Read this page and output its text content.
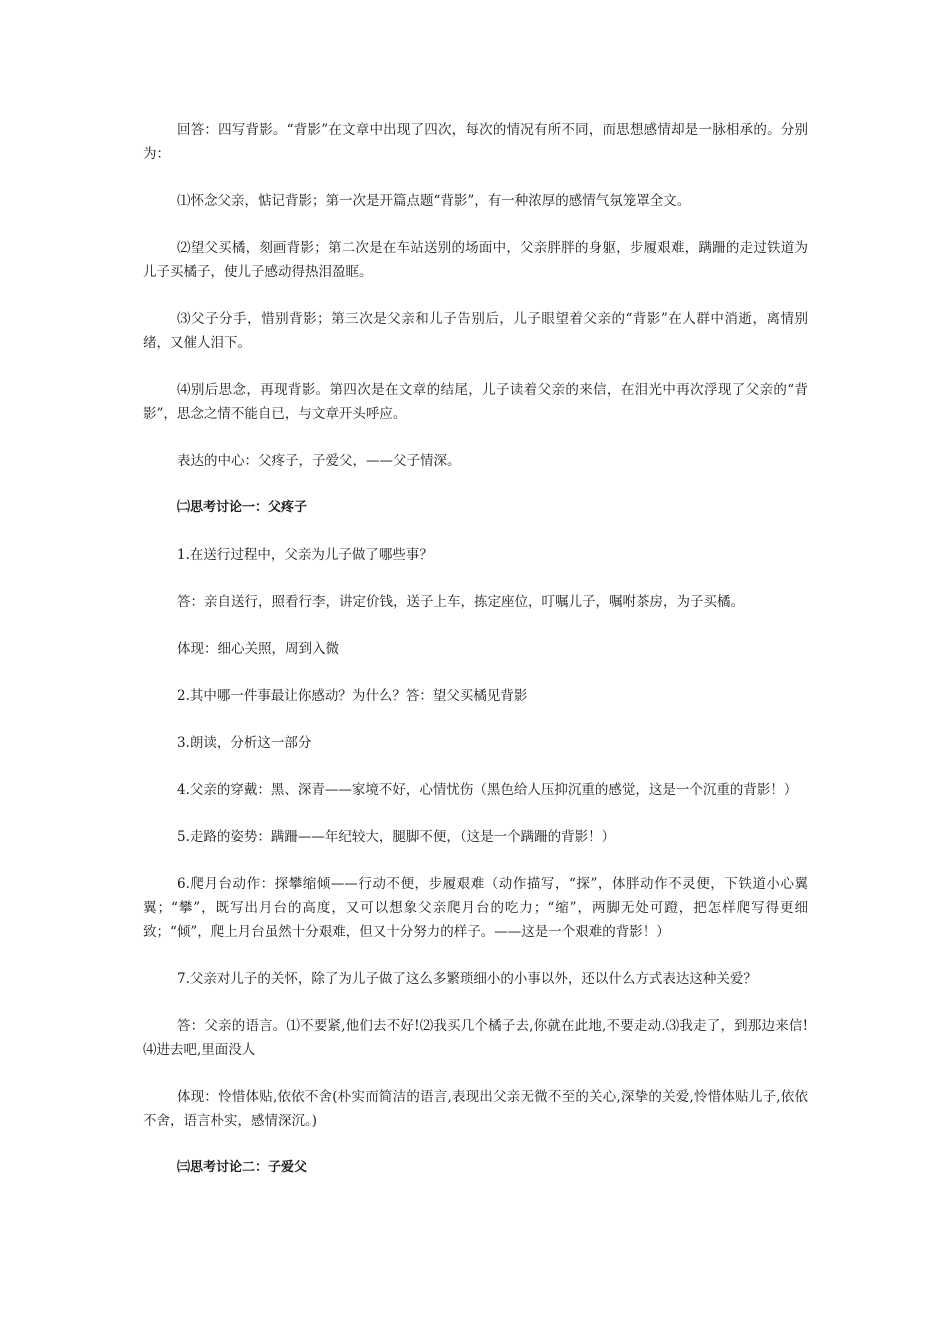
回答：四写背影。“背影”在文章中出现了四次，每次的情况有所不同，而思想感情却是一脉相承的。分别为：

⑴怀念父亲，惦记背影；第一次是开篇点题“背影”，有一种浓厚的感情气氛笼罩全文。

⑵望父买橘，刻画背影；第二次是在车站送别的场面中，父亲胖胖的身躯，步履艰难，蹒跚的走过铁道为儿子买橘子，使儿子感动得热泪盈眶。

⑶父子分手，惜别背影；第三次是父亲和儿子告别后，儿子眼望着父亲的“背影”在人群中消逝，离情别绪，又催人泪下。

⑷别后思念，再现背影。第四次是在文章的结尾，儿子读着父亲的来信，在泪光中再次浮现了父亲的“背影”，思念之情不能自已，与文章开头呼应。

表达的中心：父疼子，子爱父，——父子情深。

㈡思考讨论一：父疼子

1.在送行过程中，父亲为儿子做了哪些事？

答：亲自送行，照看行李，讲定价钱，送子上车，拣定座位，叮嘱儿子，嘱咐茶房，为子买橘。

体现：细心关照，周到入微

2.其中哪一件事最让你感动？为什么？答：望父买橘见背影

3.朗读，分析这一部分

4.父亲的穿戴：黑、深青——家境不好，心情忧伤（黑色给人压抑沉重的感觉，这是一个沉重的背影！）

5.走路的姿势：蹒跚——年纪较大，腿脚不便，（这是一个蹒跚的背影！）

6.爬月台动作：探攀缩倾——行动不便，步履艰难（动作描写，“探”，体胖动作不灵便，下铁道小心翼翼；“攀”，既写出月台的高度，又可以想象父亲爬月台的吃力；“缩”，两脚无处可蹬，把怎样爬写得更细致；“倾”，爬上月台虽然十分艰难，但又十分努力的样子。——这是一个艰难的背影！）

7.父亲对儿子的关怀，除了为儿子做了这么多繁琐细小的小事以外，还以什么方式表达这种关爱？

答：父亲的语言。⑴不要紧,他们去不好!⑵我买几个橘子去,你就在此地,不要走动.⑶我走了，到那边来信!⑷进去吧,里面没人

体现：怜惜体贴,依依不舍(朴实而简洁的语言,表现出父亲无微不至的关心,深挚的关爱,怜惜体贴儿子,依依不舍，语言朴实，感情深沉。)

㈢思考讨论二：子爱父
